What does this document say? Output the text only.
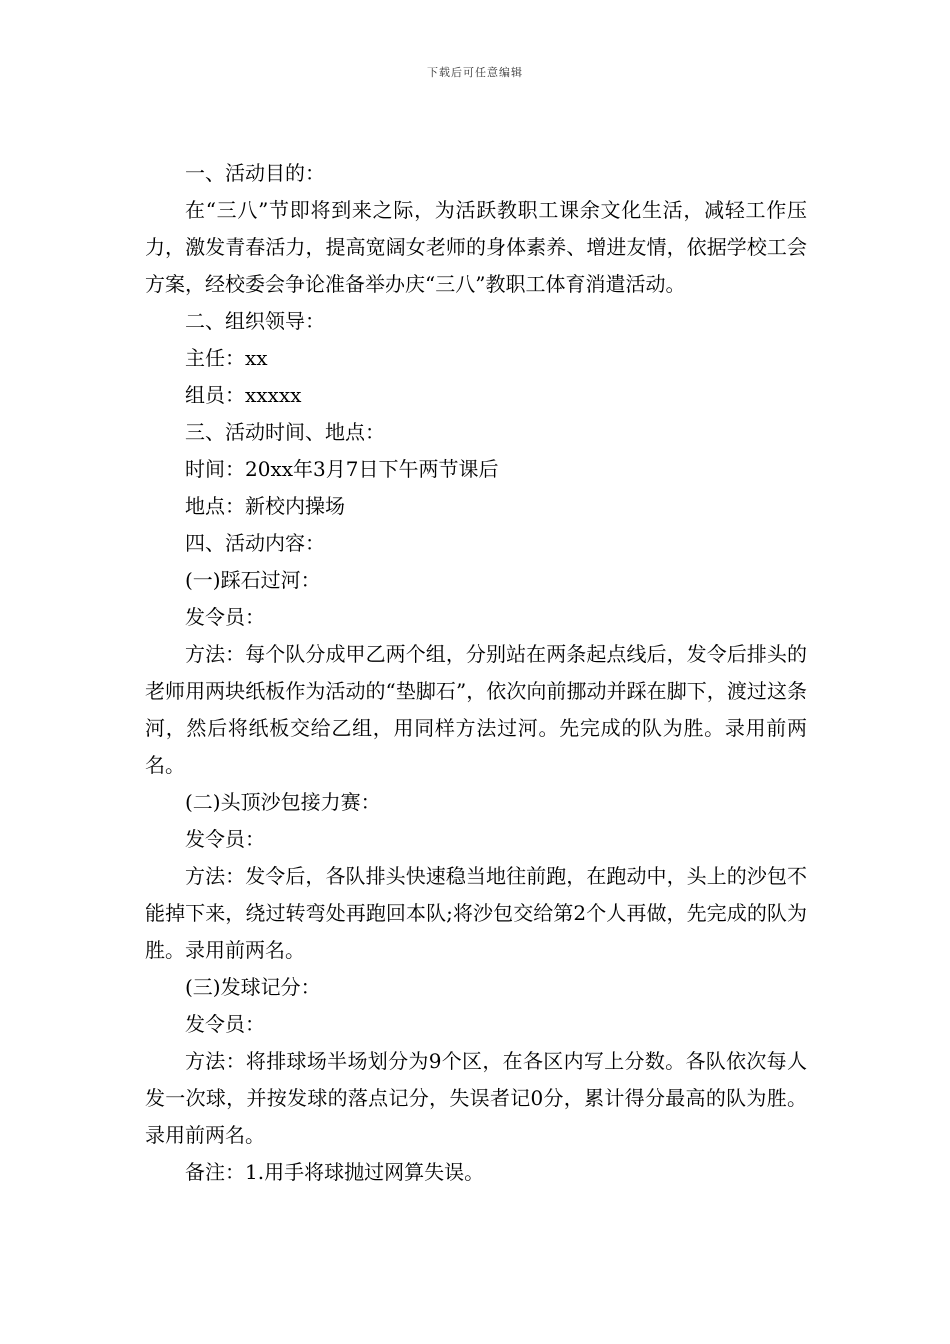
下载后可任意编辑

一、活动目的：

在“三八”节即将到来之际，为活跃教职工课余文化生活，减轻工作压力，激发青春活力，提高宽阔女老师的身体素养、增进友情，依据学校工会方案，经校委会争论准备举办庆“三八”教职工体育消遣活动。

二、组织领导：

主任：xx

组员：xxxxx

三、活动时间、地点：

时间：20xx年3月7日下午两节课后

地点：新校内操场

四、活动内容：

(一)踩石过河：

发令员：

方法：每个队分成甲乙两个组，分别站在两条起点线后，发令后排头的老师用两块纸板作为活动的“垫脚石”，依次向前挪动并踩在脚下，渡过这条河，然后将纸板交给乙组，用同样方法过河。先完成的队为胜。录用前两名。

(二)头顶沙包接力赛：

发令员：

方法：发令后，各队排头快速稳当地往前跑，在跑动中，头上的沙包不能掉下来，绕过转弯处再跑回本队;将沙包交给第2个人再做，先完成的队为胜。录用前两名。

(三)发球记分：

发令员：

方法：将排球场半场划分为9个区，在各区内写上分数。各队依次每人发一次球，并按发球的落点记分，失误者记0分，累计得分最高的队为胜。录用前两名。

备注：1.用手将球抛过网算失误。
